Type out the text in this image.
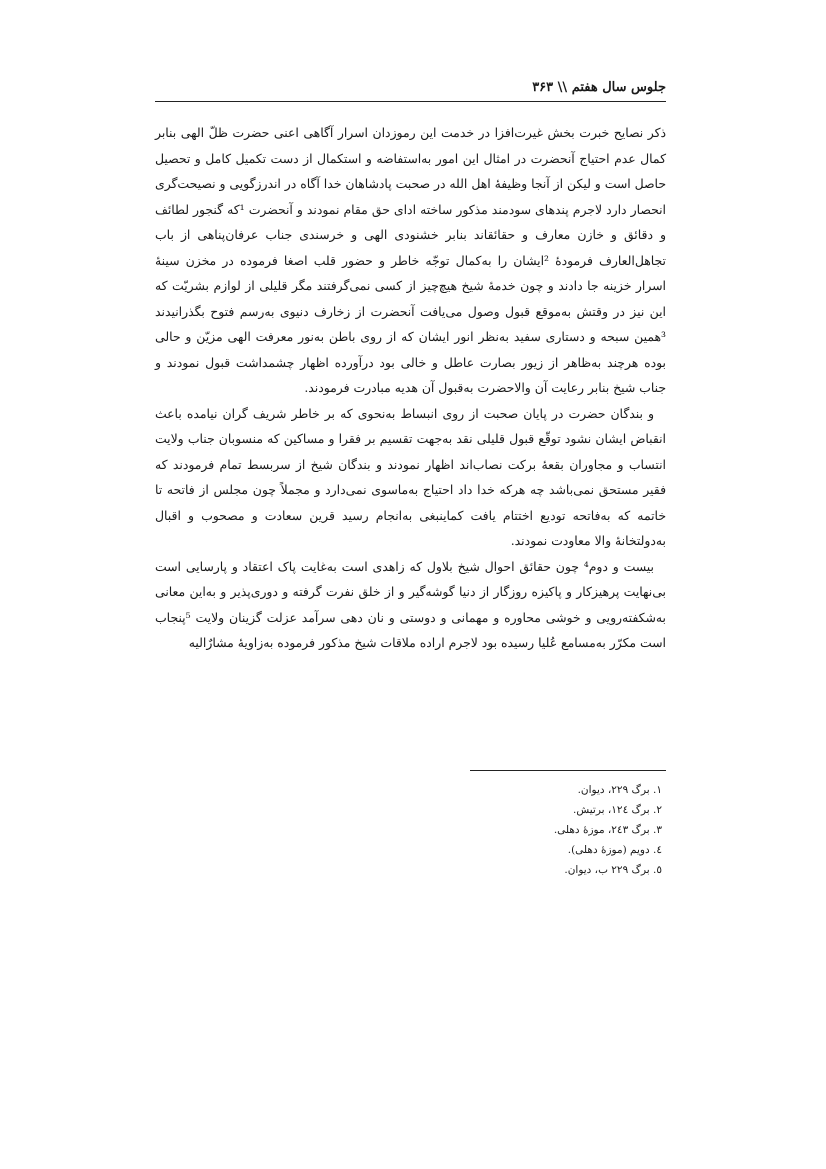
جلوس سال هفتم \\ ۳۶۳

ذکر نصایح خبرت بخش غیرت‌افزا در خدمت این رموزدان اسرار آگاهی اعنی حضرت ظلّ الهی بنابر کمال عدم احتیاج آنحضرت در امثال این امور به‌استفاضه و استکمال از دست تکمیل کامل و تحصیل حاصل است و لیکن از آنجا وظیفهٔ اهل الله در صحبت پادشاهان خدا آگاه در اندرزگویی و نصیحت‌گری انحصار دارد لاجرم پندهای سودمند مذکور ساخته ادای حق مقام نمودند و آنحضرت ¹که گنجور لطائف و دقائق و خازن معارف و حقائقاند بنابر خشنودی الهی و خرسندی جناب عرفان‌پناهی از باب تجاهل‌العارف فرمودهٔ ²ایشان را به‌کمال توجّه خاطر و حضور قلب اصغا فرموده در مخزن سینهٔ اسرار خزینه جا دادند و چون خدمهٔ شیخ هیچ‌چیز از کسی نمی‌گرفتند مگر قلیلی از لوازم بشریّت که این نیز در وقتش به‌موقع قبول وصول می‌یافت آنحضرت از زخارف دنیوی به‌رسم فتوح بگذرانیدند ³همین سبحه و دستاری سفید به‌نظر انور ایشان که از روی باطن به‌نور معرفت الهی مزیّن و حالی بوده هرچند به‌ظاهر از زیور بصارت عاطل و خالی بود درآورده اظهار چشمداشت قبول نمودند و جناب شیخ بنابر رعایت آن والاحضرت به‌قبول آن هدیه مبادرت فرمودند.

و بندگان حضرت در پایان صحبت از روی انبساط به‌نحوی که بر خاطر شریف گران نیامده باعث انقباض ایشان نشود توقّع قبول قلیلی نقد به‌جهت تقسیم بر فقرا و مساکین که منسوبان جناب ولایت انتساب و مجاوران بقعهٔ برکت نصاب‌اند اظهار نمودند و بندگان شیخ از سربسط تمام فرمودند که فقیر مستحق نمی‌باشد چه هرکه خدا داد احتیاج به‌ماسوی نمی‌دارد و مجملاً چون مجلس از فاتحه تا خاتمه که به‌فاتحه تودیع اختتام یافت کماینبغی به‌انجام رسید قرین سعادت و مصحوب و اقبال به‌دولتخانهٔ والا معاودت نمودند.

بیست و دوم⁴ چون حقائق احوال شیخ بلاول که زاهدی است به‌غایت پاک اعتقاد و پارسایی است بی‌نهایت پرهیزکار و پاکیزه روزگار از دنیا گوشه‌گیر و از خلق نفرت گرفته و دوری‌پذیر و به‌این معانی به‌شکفته‌رویی و خوشی محاوره و مهمانی و دوستی و نان دهی سرآمد عزلت گزینان ولایت ⁵پنجاب است مکرّر به‌مسامع عُلیا رسیده بود لاجرم اراده ملاقات شیخ مذکور فرموده به‌زاویهٔ مشارٌالیه

١. برگ ٢٢٩، دیوان.
٢. برگ ١٢٤، برتیش.
٣. برگ ٢٤٣، موزهٔ دهلی.
٤. دویم (موزهٔ دهلی).
٥. برگ ٢٢٩ ب، دیوان.
